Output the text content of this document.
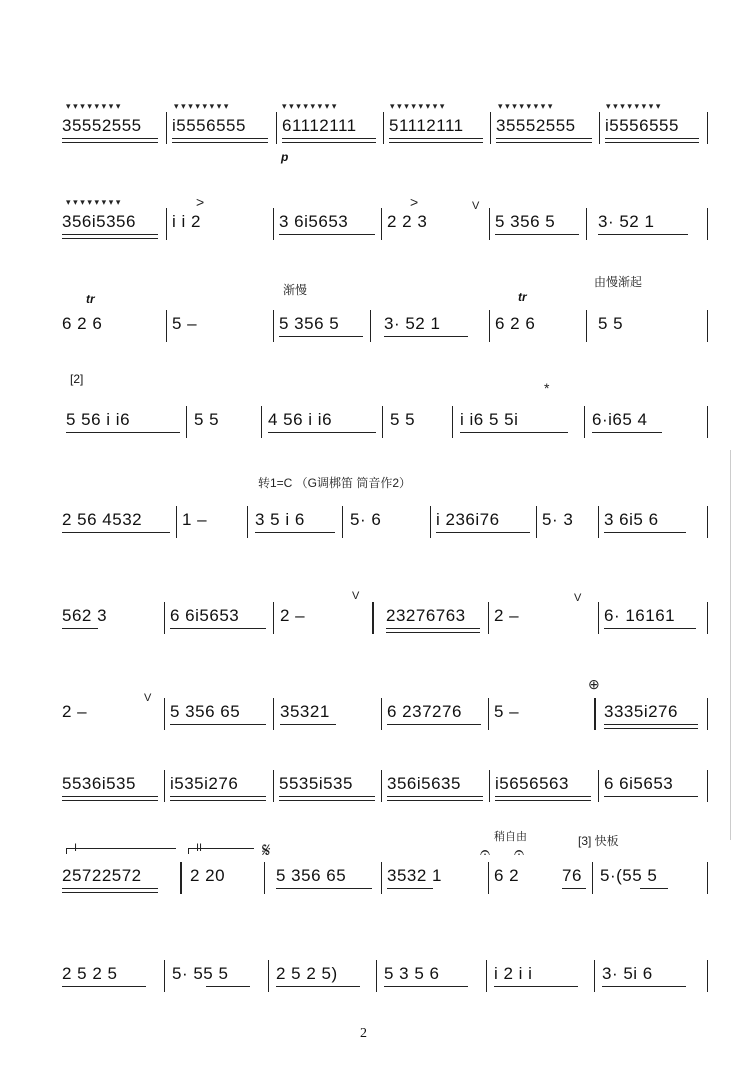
▾▾▾▾▾▾▾▾	▾▾▾▾▾▾▾▾	▾▾▾▾▾▾▾▾	▾▾▾▾▾▾▾▾	▾▾▾▾▾▾▾▾	▾▾▾▾▾▾▾▾
35552555 i5556555 61112111
p
51112111 35552555 i5556555
▾▾▾▾▾▾▾▾	>	>	V
356i5356 i i 2	3 6i5653 2 2 3	5 356 5	3· 52 1
渐慢
由慢渐起
tr	tr
6 2 6	5 –	5 356 5	3· 52 1	6 2 6	5 5
[2]
*
5 56 i i6	5 5	4 56 i i6	5 5	i i6 5 5i	6·i65 4
转1=C （G调梆笛 筒音作2）
2 56 4532 1 –	3 5 i 6	5· 6	i 236i76 5· 3 3 6i5 6
V	V
562 3	6 6i5653 2 –	23276763 2 –	6· 16161
V
⊕
2 –	5 356 65 35321	6 237276 5 –	3335i276
5536i535 i535i276 5535i535 356i5635 i5656563 6 6i5653
I	II	𝄋
稍自由
𝄐 𝄐
[3] 快板
25722572	2 20	5 356 65 3532 1	6 2	76 5·(55 5
2 5 2 5	5· 55 5	2 5 2 5)	5 3 5 6	i 2 i i	3· 5i 6
2
